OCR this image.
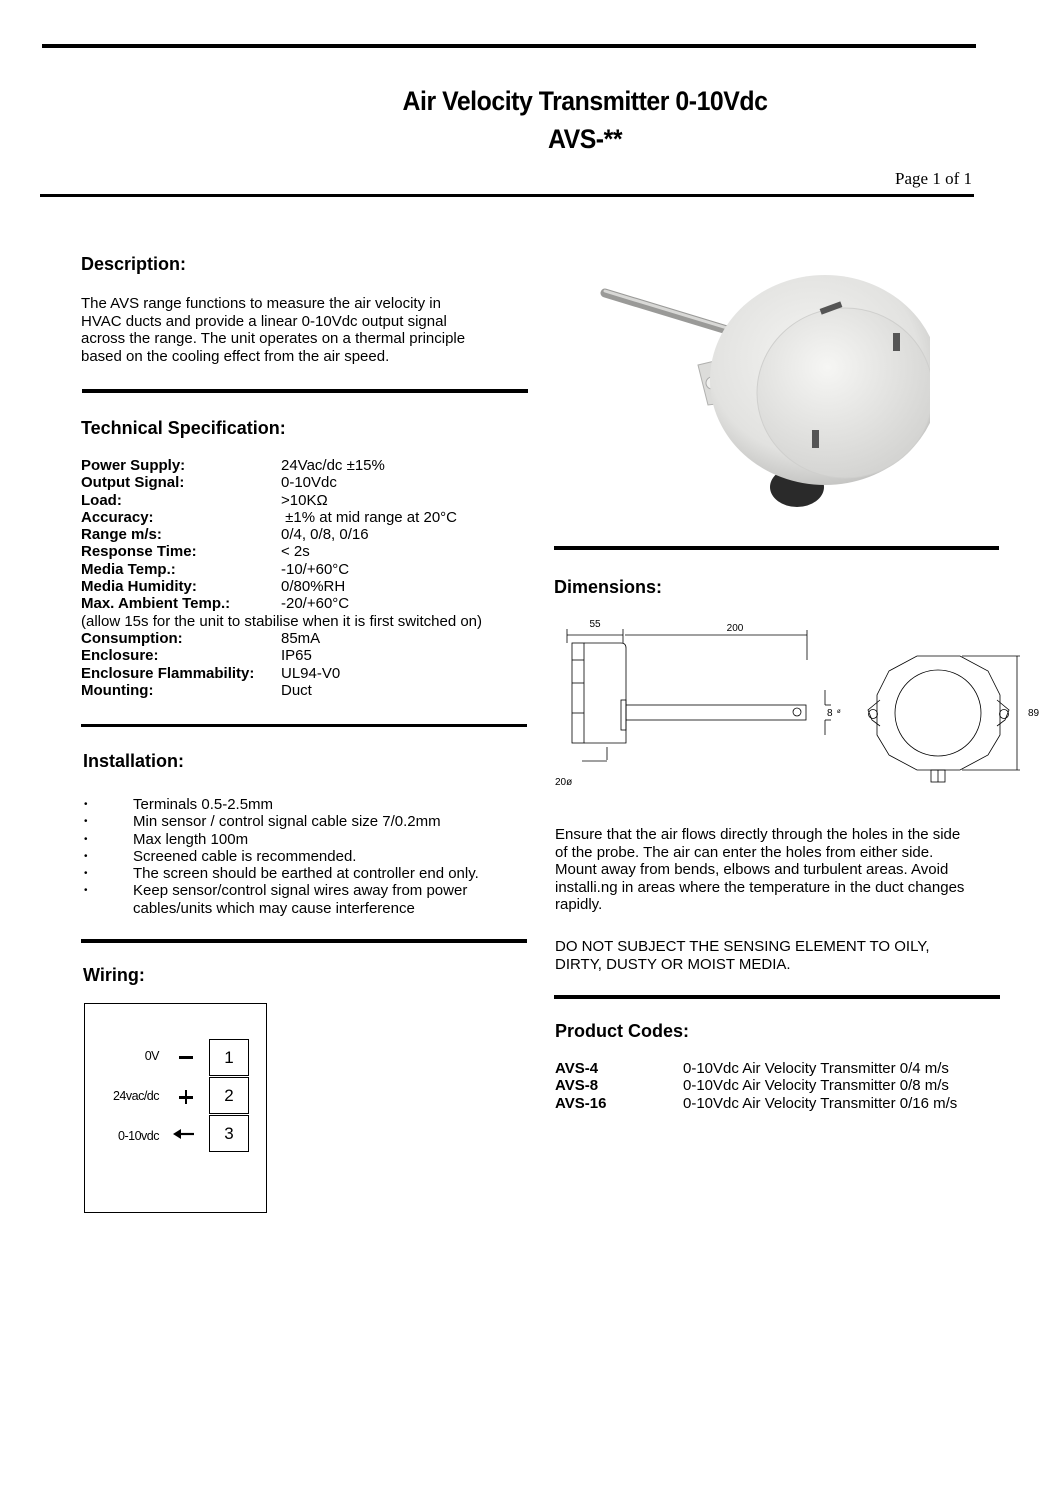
Air Velocity Transmitter 0-10Vdc
AVS-**
Page 1 of 1
Description:
The AVS range functions to measure the air velocity in
HVAC ducts and provide a linear 0-10Vdc output signal
across the range. The unit operates on a thermal principle
based on the cooling effect from the air speed.
Technical Specification:
Power Supply:	24Vac/dc ±15%
Output Signal:	0-10Vdc
Load:	>10KΩ
Accuracy:	±1% at mid range at 20°C
Range m/s:	0/4, 0/8, 0/16
Response Time:	< 2s
Media Temp.:	-10/+60°C
Media Humidity:	0/80%RH
Max. Ambient Temp.:	-20/+60°C
(allow 15s for the unit to stabilise when it is first switched on)
Consumption:	85mA
Enclosure:	IP65
Enclosure Flammability:	UL94-V0
Mounting:	Duct
Installation:
•	Terminals 0.5-2.5mm
•	Min sensor / control signal cable size 7/0.2mm
•	Max length 100m
•	Screened cable is recommended.
•	The screen should be earthed at controller end only.
•	Keep sensor/control signal wires away from power cables/units which may cause interference
Wiring:
0V
24vac/dc
0-10vdc
1
2
3
Dimensions:
55	200
8 ø
20ø
89
Ensure that the air flows directly through the holes in the side
of the probe. The air can enter the holes from either side.
Mount away from bends, elbows and turbulent areas. Avoid
installi.ng in areas where the temperature in the duct changes
rapidly.
DO NOT SUBJECT THE SENSING ELEMENT TO OILY,
DIRTY, DUSTY OR MOIST MEDIA.
Product Codes:
AVS-4	0-10Vdc Air Velocity Transmitter 0/4 m/s
AVS-8	0-10Vdc Air Velocity Transmitter 0/8 m/s
AVS-16	0-10Vdc Air Velocity Transmitter 0/16 m/s
